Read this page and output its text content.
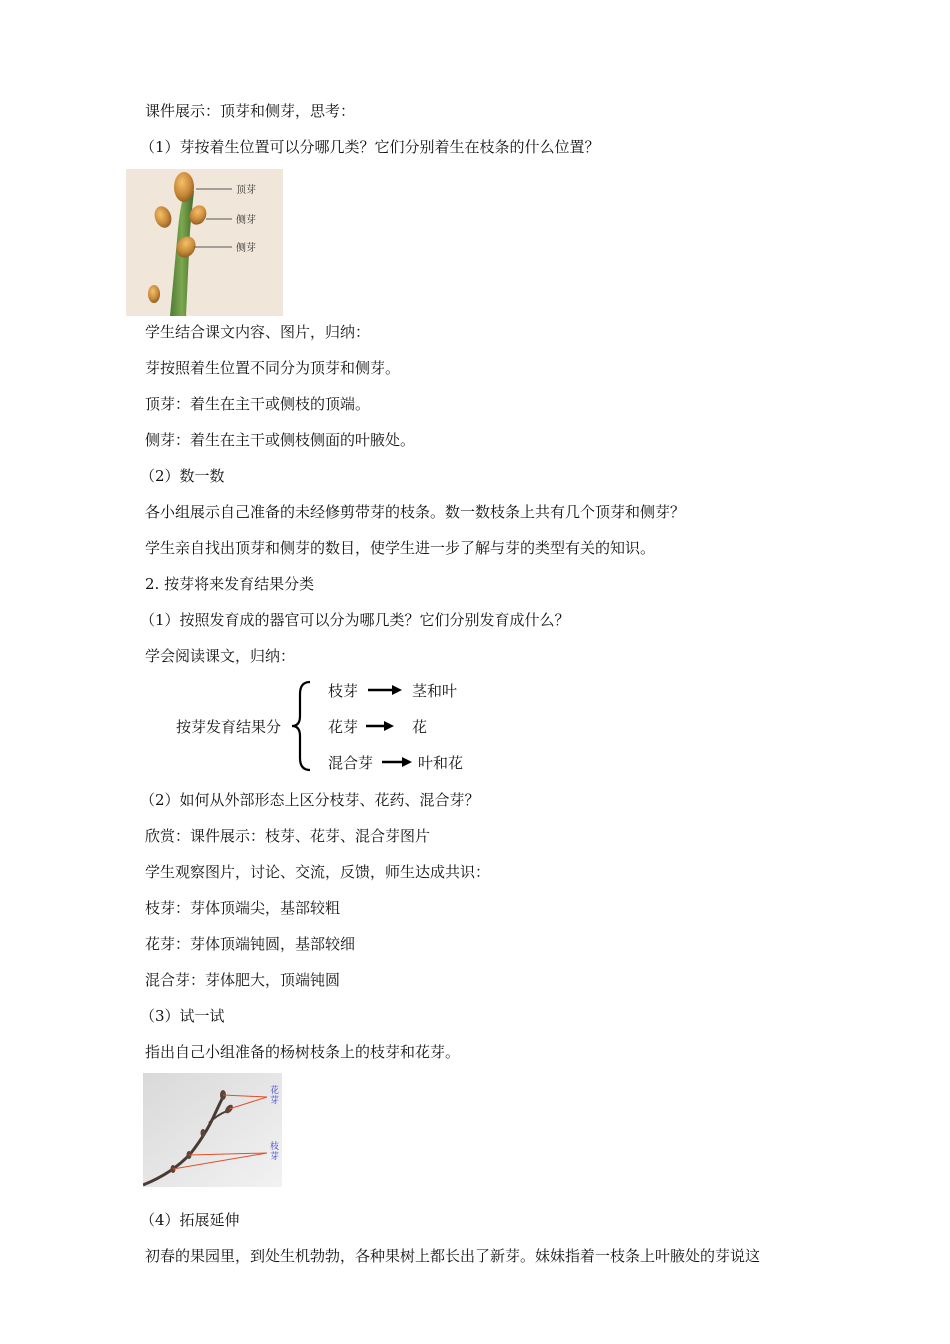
课件展示：顶芽和侧芽，思考：
（1）芽按着生位置可以分哪几类？它们分别着生在枝条的什么位置？
顶芽
侧芽
侧芽
学生结合课文内容、图片，归纳：
芽按照着生位置不同分为顶芽和侧芽。
顶芽：着生在主干或侧枝的顶端。
侧芽：着生在主干或侧枝侧面的叶腋处。
（2）数一数
各小组展示自己准备的未经修剪带芽的枝条。数一数枝条上共有几个顶芽和侧芽？
学生亲自找出顶芽和侧芽的数目，使学生进一步了解与芽的类型有关的知识。
2. 按芽将来发育结果分类
（1）按照发育成的器官可以分为哪几类？它们分别发育成什么？
学会阅读课文，归纳：
按芽发育结果分
枝芽	茎和叶
花芽	花
混合芽	叶和花
（2）如何从外部形态上区分枝芽、花药、混合芽？
欣赏：课件展示：枝芽、花芽、混合芽图片
学生观察图片，讨论、交流，反馈，师生达成共识：
枝芽：芽体顶端尖，基部较粗
花芽：芽体顶端钝圆，基部较细
混合芽：芽体肥大，顶端钝圆
（3）试一试
指出自己小组准备的杨树枝条上的枝芽和花芽。
花芽
枝芽
（4）拓展延伸
初春的果园里，到处生机勃勃，各种果树上都长出了新芽。妹妹指着一枝条上叶腋处的芽说这
